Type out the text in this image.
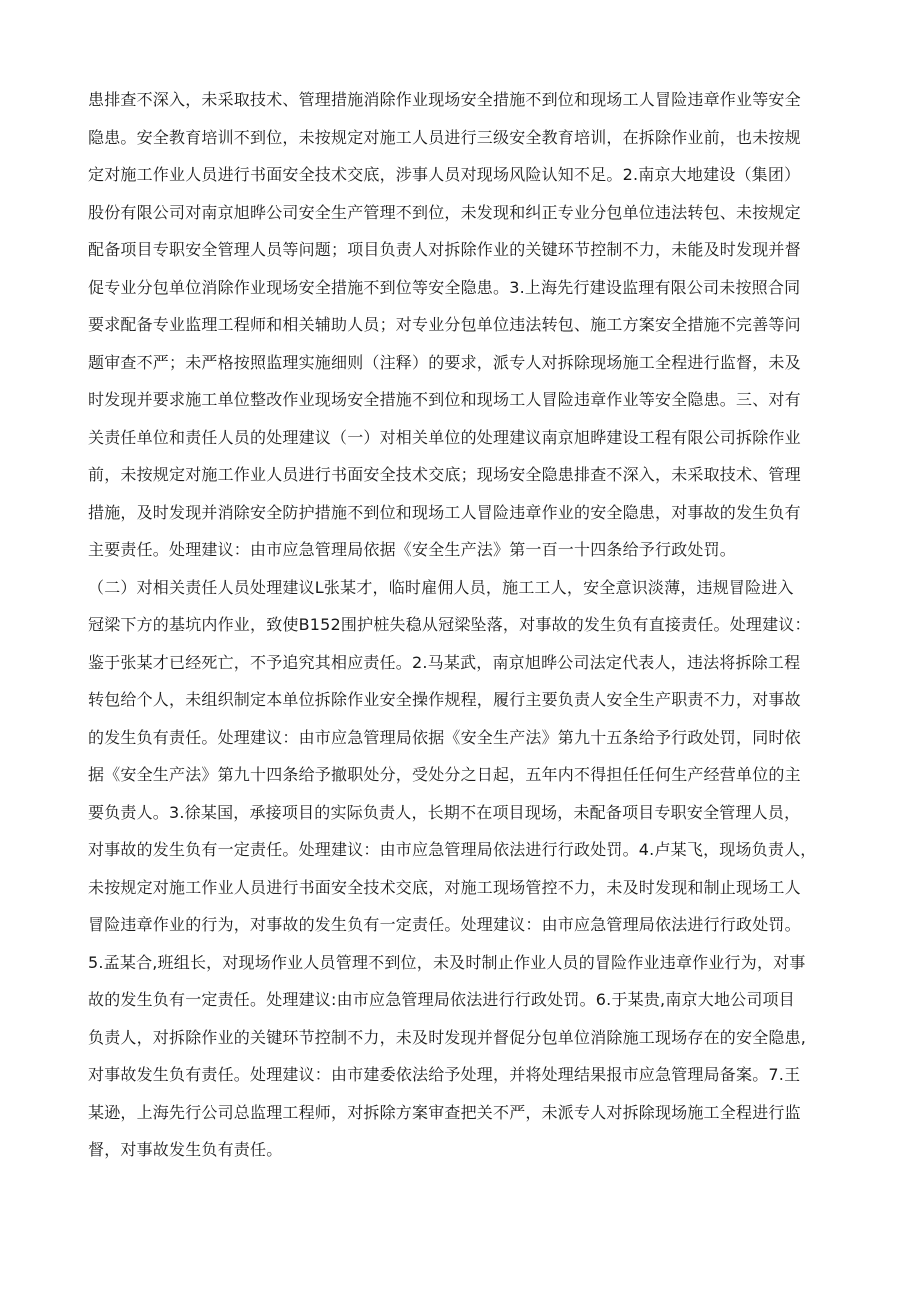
患排查不深入，未采取技术、管理措施消除作业现场安全措施不到位和现场工人冒险违章作业等安全
隐患。安全教育培训不到位，未按规定对施工人员进行三级安全教育培训，在拆除作业前，也未按规
定对施工作业人员进行书面安全技术交底，涉事人员对现场风险认知不足。2.南京大地建设（集团）
股份有限公司对南京旭晔公司安全生产管理不到位，未发现和纠正专业分包单位违法转包、未按规定
配备项目专职安全管理人员等问题；项目负责人对拆除作业的关键环节控制不力，未能及时发现并督
促专业分包单位消除作业现场安全措施不到位等安全隐患。3.上海先行建设监理有限公司未按照合同
要求配备专业监理工程师和相关辅助人员；对专业分包单位违法转包、施工方案安全措施不完善等问
题审查不严；未严格按照监理实施细则（注释）的要求，派专人对拆除现场施工全程进行监督，未及
时发现并要求施工单位整改作业现场安全措施不到位和现场工人冒险违章作业等安全隐患。三、对有
关责任单位和责任人员的处理建议（一）对相关单位的处理建议南京旭晔建设工程有限公司拆除作业
前，未按规定对施工作业人员进行书面安全技术交底；现场安全隐患排查不深入，未采取技术、管理
措施，及时发现并消除安全防护措施不到位和现场工人冒险违章作业的安全隐患，对事故的发生负有
主要责任。处理建议：由市应急管理局依据《安全生产法》第一百一十四条给予行政处罚。
（二）对相关责任人员处理建议L张某才，临时雇佣人员，施工工人，安全意识淡薄，违规冒险进入
冠梁下方的基坑内作业，致使B152围护桩失稳从冠梁坠落，对事故的发生负有直接责任。处理建议：
鉴于张某才已经死亡，不予追究其相应责任。2.马某武，南京旭晔公司法定代表人，违法将拆除工程
转包给个人，未组织制定本单位拆除作业安全操作规程，履行主要负责人安全生产职责不力，对事故
的发生负有责任。处理建议：由市应急管理局依据《安全生产法》第九十五条给予行政处罚，同时依
据《安全生产法》第九十四条给予撤职处分，受处分之日起，五年内不得担任任何生产经营单位的主
要负责人。3.徐某国，承接项目的实际负责人，长期不在项目现场，未配备项目专职安全管理人员，
对事故的发生负有一定责任。处理建议：由市应急管理局依法进行行政处罚。4.卢某飞，现场负责人，
未按规定对施工作业人员进行书面安全技术交底，对施工现场管控不力，未及时发现和制止现场工人
冒险违章作业的行为，对事故的发生负有一定责任。处理建议：由市应急管理局依法进行行政处罚。
5.孟某合,班组长，对现场作业人员管理不到位，未及时制止作业人员的冒险作业违章作业行为，对事
故的发生负有一定责任。处理建议:由市应急管理局依法进行行政处罚。6.于某贵,南京大地公司项目
负责人，对拆除作业的关键环节控制不力，未及时发现并督促分包单位消除施工现场存在的安全隐患,
对事故发生负有责任。处理建议：由市建委依法给予处理，并将处理结果报市应急管理局备案。7.王
某逊，上海先行公司总监理工程师，对拆除方案审查把关不严，未派专人对拆除现场施工全程进行监
督，对事故发生负有责任。
